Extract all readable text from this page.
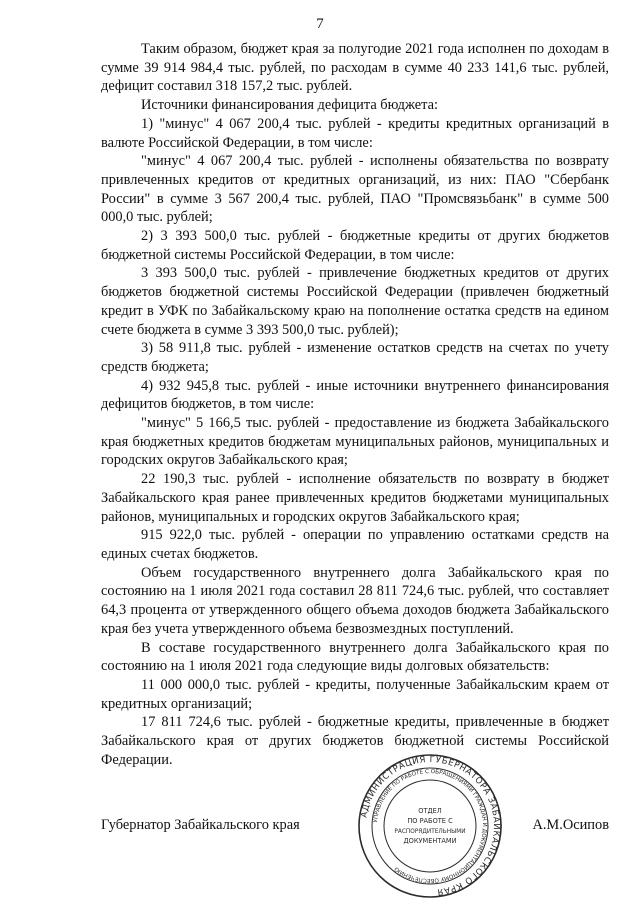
7

Таким образом, бюджет края за полугодие 2021 года исполнен по доходам в сумме 39 914 984,4 тыс. рублей, по расходам в сумме 40 233 141,6 тыс. рублей, дефицит составил 318 157,2 тыс. рублей.

Источники финансирования дефицита бюджета:

1) "минус" 4 067 200,4 тыс. рублей - кредиты кредитных организаций в валюте Российской Федерации, в том числе:

"минус" 4 067 200,4 тыс. рублей - исполнены обязательства по возврату привлеченных кредитов от кредитных организаций, из них: ПАО "Сбербанк России" в сумме 3 567 200,4 тыс. рублей, ПАО "Промсвязьбанк" в сумме 500 000,0 тыс. рублей;

2) 3 393 500,0 тыс. рублей - бюджетные кредиты от других бюджетов бюджетной системы Российской Федерации, в том числе:

3 393 500,0 тыс. рублей - привлечение бюджетных кредитов от других бюджетов бюджетной системы Российской Федерации (привлечен бюджетный кредит в УФК по Забайкальскому краю на пополнение остатка средств на едином счете бюджета в сумме 3 393 500,0 тыс. рублей);

3) 58 911,8 тыс. рублей - изменение остатков средств на счетах по учету средств бюджета;

4) 932 945,8 тыс. рублей - иные источники внутреннего финансирования дефицитов бюджетов, в том числе:

"минус" 5 166,5 тыс. рублей - предоставление из бюджета Забайкальского края бюджетных кредитов бюджетам муниципальных районов, муниципальных и городских округов Забайкальского края;

22 190,3 тыс. рублей - исполнение обязательств по возврату в бюджет Забайкальского края ранее привлеченных кредитов бюджетами муниципальных районов, муниципальных и городских округов Забайкальского края;

915 922,0 тыс. рублей - операции по управлению остатками средств на единых счетах бюджетов.

Объем государственного внутреннего долга Забайкальского края по состоянию на 1 июля 2021 года составил 28 811 724,6 тыс. рублей, что составляет 64,3 процента от утвержденного общего объема доходов бюджета Забайкальского края без учета утвержденного объема безвозмездных поступлений.

В составе государственного внутреннего долга Забайкальского края по состоянию на 1 июля 2021 года следующие виды долговых обязательств:

11 000 000,0 тыс. рублей - кредиты, полученные Забайкальским краем от кредитных организаций;

17 811 724,6 тыс. рублей - бюджетные кредиты, привлеченные в бюджет Забайкальского края от других бюджетов бюджетной системы Российской Федерации.

Губернатор Забайкальского края	А.М.Осипов
АДМИНИСТРАЦИЯ ГУБЕРНАТОРА ЗАБАЙКАЛЬСКОГО КРАЯ
УПРАВЛЕНИЕ ПО РАБОТЕ С ОБРАЩЕНИЯМИ ГРАЖДАН И ДОКУМЕНТАЦИОННОМУ ОБЕСПЕЧЕНИЮ
ОТДЕЛ
ПО РАБОТЕ С
РАСПОРЯДИТЕЛЬНЫМИ
ДОКУМЕНТАМИ
